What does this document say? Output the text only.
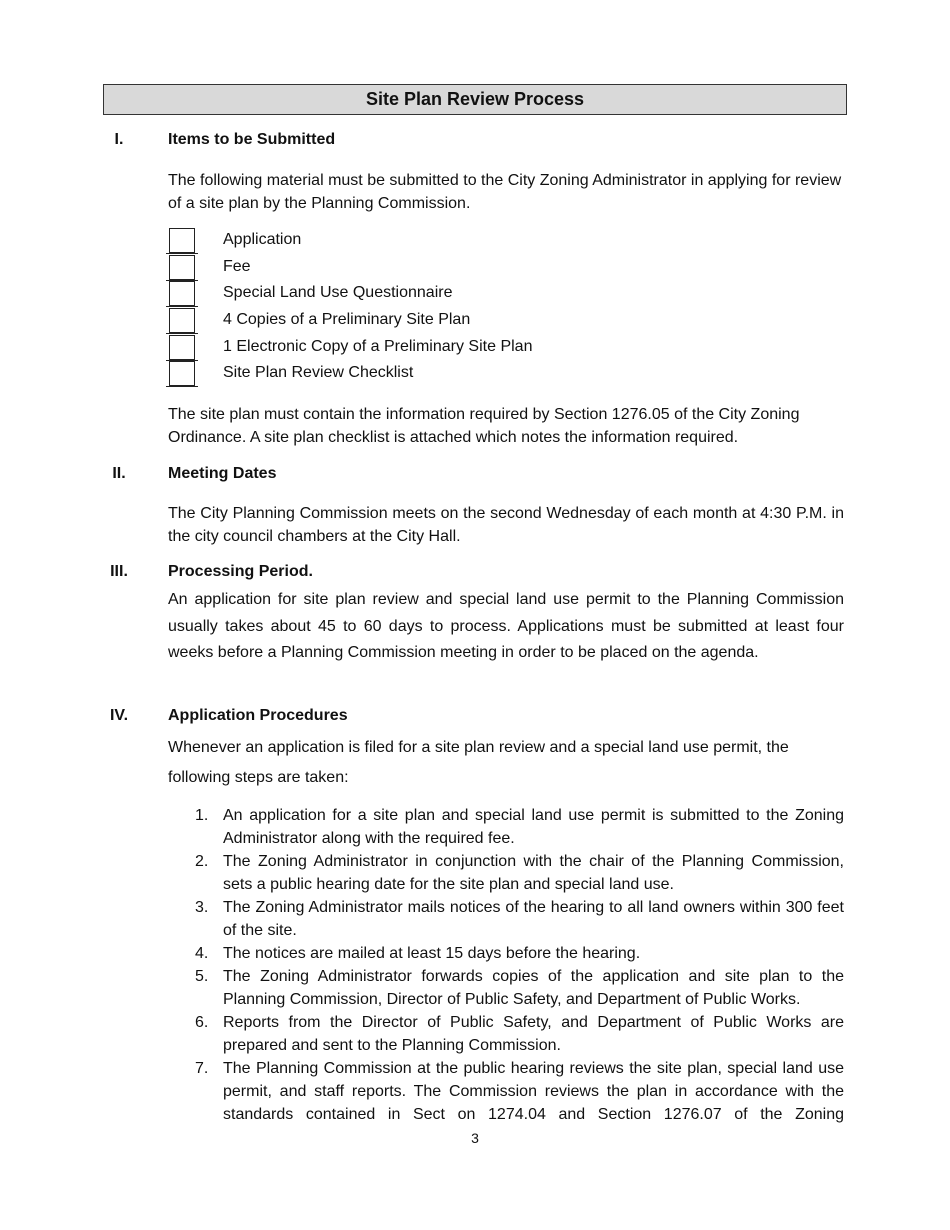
Site Plan Review Process
I.	Items to be Submitted
The following material must be submitted to the City Zoning Administrator in applying for review of a site plan by the Planning Commission.
Application
Fee
Special Land Use Questionnaire
4 Copies of a Preliminary Site Plan
1 Electronic Copy of a Preliminary Site Plan
Site Plan Review Checklist
The site plan must contain the information required by Section 1276.05 of the City Zoning Ordinance. A site plan checklist is attached which notes the information required.
II.	Meeting Dates
The City Planning Commission meets on the second Wednesday of each month at 4:30 P.M. in the city council chambers at the City Hall.
III.	Processing Period.
An application for site plan review and special land use permit to the Planning Commission usually takes about 45 to 60 days to process. Applications must be submitted at least four weeks before a Planning Commission meeting in order to be placed on the agenda.
IV.	Application Procedures
Whenever an application is filed for a site plan review and a special land use permit, the following steps are taken:
1. An application for a site plan and special land use permit is submitted to the Zoning Administrator along with the required fee.
2. The Zoning Administrator in conjunction with the chair of the Planning Commission, sets a public hearing date for the site plan and special land use.
3. The Zoning Administrator mails notices of the hearing to all land owners within 300 feet of the site.
4. The notices are mailed at least 15 days before the hearing.
5. The Zoning Administrator forwards copies of the application and site plan to the Planning Commission, Director of Public Safety, and Department of Public Works.
6. Reports from the Director of Public Safety, and Department of Public Works are prepared and sent to the Planning Commission.
7. The Planning Commission at the public hearing reviews the site plan, special land use permit, and staff reports. The Commission reviews the plan in accordance with the standards contained in Sect on 1274.04 and Section 1276.07 of the Zoning
3
